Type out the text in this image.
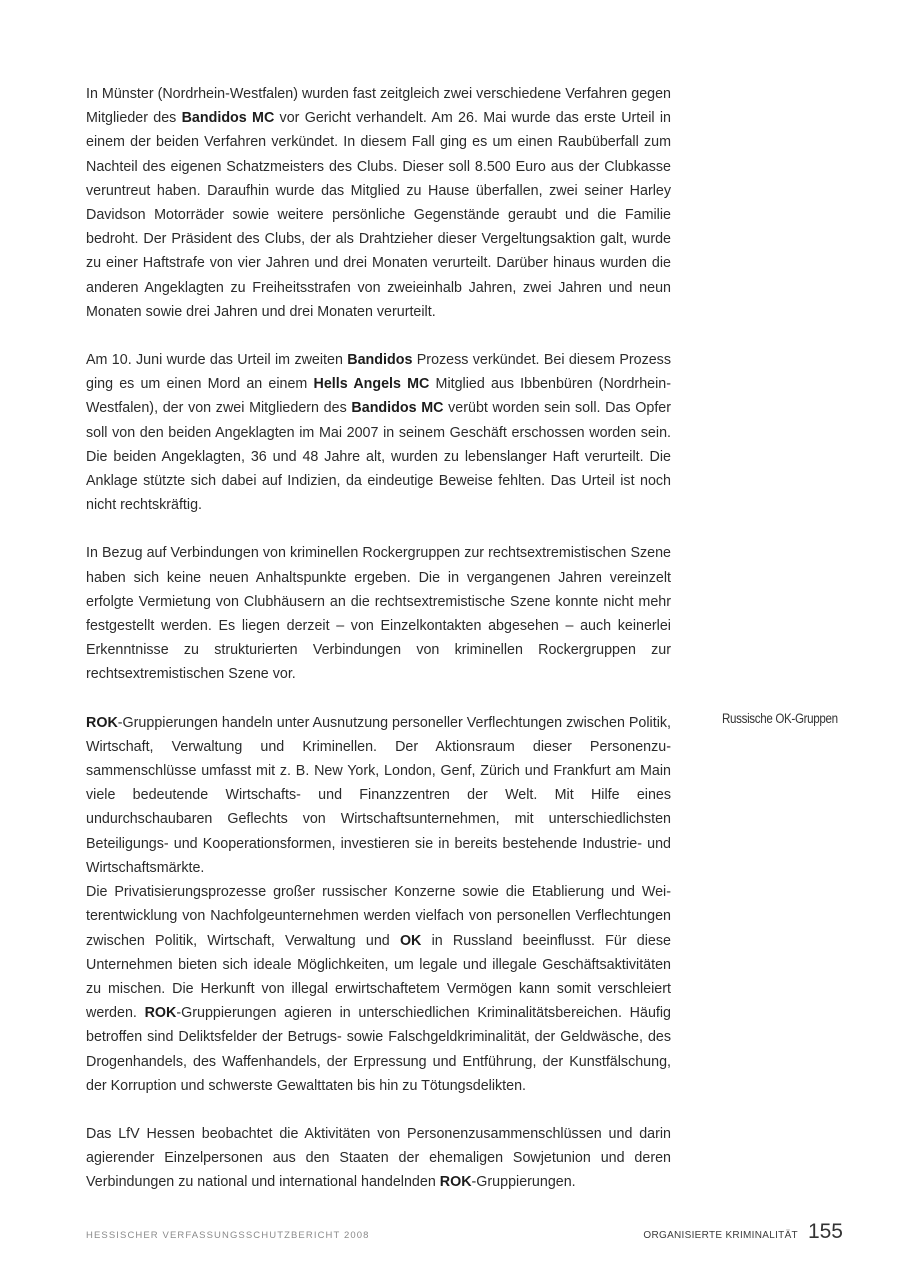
In Münster (Nordrhein-Westfalen) wurden fast zeitgleich zwei verschiedene Verfahren gegen Mitglieder des Bandidos MC vor Gericht verhandelt. Am 26. Mai wurde das erste Urteil in einem der beiden Verfahren verkündet. In diesem Fall ging es um einen Raubüberfall zum Nachteil des eigenen Schatzmeisters des Clubs. Dieser soll 8.500 Euro aus der Clubkasse veruntreut haben. Daraufhin wurde das Mitglied zu Hause überfallen, zwei seiner Harley Davidson Motorräder sowie weitere persönliche Gegenstände geraubt und die Familie bedroht. Der Präsident des Clubs, der als Drahtzieher dieser Vergeltungsaktion galt, wurde zu einer Haftstrafe von vier Jahren und drei Monaten verurteilt. Darüber hinaus wurden die anderen Angeklagten zu Freiheitsstrafen von zweieinhalb Jahren, zwei Jahren und neun Monaten sowie drei Jahren und drei Monaten verurteilt.

Am 10. Juni wurde das Urteil im zweiten Bandidos Prozess verkündet. Bei diesem Prozess ging es um einen Mord an einem Hells Angels MC Mitglied aus Ibbenbüren (Nordrhein-Westfalen), der von zwei Mitgliedern des Bandidos MC verübt worden sein soll. Das Opfer soll von den beiden Angeklagten im Mai 2007 in seinem Geschäft erschossen worden sein. Die beiden Angeklagten, 36 und 48 Jahre alt, wurden zu lebenslanger Haft verurteilt. Die Anklage stützte sich dabei auf Indizien, da eindeutige Beweise fehlten. Das Urteil ist noch nicht rechtskräftig.

In Bezug auf Verbindungen von kriminellen Rockergruppen zur rechtsextremistischen Szene haben sich keine neuen Anhaltspunkte ergeben. Die in vergangenen Jahren vereinzelt erfolgte Vermietung von Clubhäusern an die rechtsextremistische Szene konnte nicht mehr festgestellt werden. Es liegen derzeit – von Einzelkontakten abgesehen – auch keinerlei Erkenntnisse zu strukturierten Verbindungen von kriminellen Rockergruppen zur rechtsextremistischen Szene vor.

ROK-Gruppierungen handeln unter Ausnutzung personeller Verflechtungen zwischen Politik, Wirtschaft, Verwaltung und Kriminellen. Der Aktionsraum dieser Personenzusammenschlüsse umfasst mit z. B. New York, London, Genf, Zürich und Frankfurt am Main viele bedeutende Wirtschafts- und Finanzzentren der Welt. Mit Hilfe eines undurchschaubaren Geflechts von Wirtschaftsunternehmen, mit unterschiedlichsten Beteiligungs- und Kooperationsformen, investieren sie in bereits bestehende Industrie- und Wirtschaftsmärkte.

Die Privatisierungsprozesse großer russischer Konzerne sowie die Etablierung und Weiterentwicklung von Nachfolgeunternehmen werden vielfach von personellen Verflechtungen zwischen Politik, Wirtschaft, Verwaltung und OK in Russland beeinflusst. Für diese Unternehmen bieten sich ideale Möglichkeiten, um legale und illegale Geschäftsaktivitäten zu mischen. Die Herkunft von illegal erwirtschaftetem Vermögen kann somit verschleiert werden. ROK-Gruppierungen agieren in unterschiedlichen Kriminalitätsbereichen. Häufig betroffen sind Deliktsfelder der Betrugs- sowie Falschgeldkriminalität, der Geldwäsche, des Drogenhandels, des Waffenhandels, der Erpressung und Entführung, der Kunstfälschung, der Korruption und schwerste Gewalttaten bis hin zu Tötungsdelikten.

Das LfV Hessen beobachtet die Aktivitäten von Personenzusammenschlüssen und darin agierender Einzelpersonen aus den Staaten der ehemaligen Sowjetunion und deren Verbindungen zu national und international handelnden ROK-Gruppierungen.

Russische OK-Gruppen
HESSISCHER VERFASSUNGSSCHUTZBERICHT 2008	ORGANISIERTE KRIMINALITÄT 155
